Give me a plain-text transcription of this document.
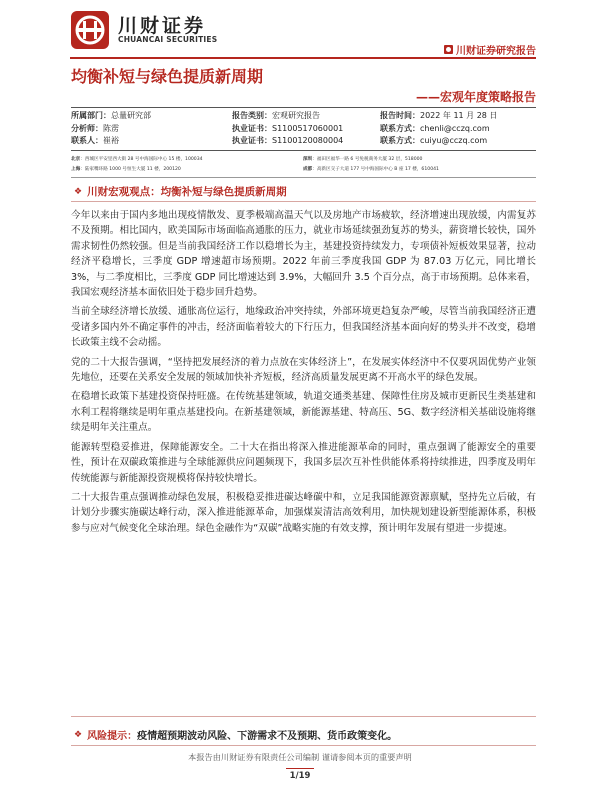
川财证券
CHUANCAI SECURITIES
川财证券研究报告
均衡补短与绿色提质新周期
——宏观年度策略报告
所属部门：总量研究部	报告类别：宏观研究报告	报告时间：2022 年 11 月 28 日
分析师：陈雳	执业证书：S1100517060001	联系方式：chenli@cczq.com
联系人：崔裕	执业证书：S1100120080004	联系方式：cuiyu@cczq.com
北京：西城区平安里西大街 28 号中海国际中心 15 楼，100034	深圳：福田区福华一路 6 号免税商务大厦 32 层，518000
上海：陆家嘴环路 1000 号恒生大厦 11 楼，200120	成都：高新区交子大道 177 号中海国际中心 B 座 17 楼，610041
❖ 川财宏观观点：均衡补短与绿色提质新周期

今年以来由于国内多地出现疫情散发、夏季极端高温天气以及房地产市场疲软，经济增速出现放缓，内需复苏不及预期。相比国内，欧美国际市场面临高通胀的压力，就业市场延续强劲复苏的势头，薪资增长较快，国外需求韧性仍然较强。但是当前我国经济工作以稳增长为主，基建投资持续发力，专项债补短板效果显著，拉动经济平稳增长，三季度 GDP 增速超市场预期。2022 年前三季度我国 GDP 为 87.03 万亿元，同比增长 3%，与二季度相比，三季度 GDP 同比增速达到 3.9%，大幅回升 3.5 个百分点，高于市场预期。总体来看，我国宏观经济基本面依旧处于稳步回升趋势。

当前全球经济增长放缓、通胀高位运行，地缘政治冲突持续，外部环境更趋复杂严峻，尽管当前我国经济正遭受诸多国内外不确定事件的冲击，经济面临着较大的下行压力，但我国经济基本面向好的势头并不改变，稳增长政策主线不会动摇。

党的二十大报告强调，“坚持把发展经济的着力点放在实体经济上”，在发展实体经济中不仅要巩固优势产业领先地位，还要在关系安全发展的领域加快补齐短板，经济高质量发展更离不开高水平的绿色发展。

在稳增长政策下基建投资保持旺盛。在传统基建领域，轨道交通类基建、保障性住房及城市更新民生类基建和水利工程将继续是明年重点基建投向。在新基建领域，新能源基建、特高压、5G、数字经济相关基础设施将继续是明年关注重点。

能源转型稳妥推进，保障能源安全。二十大在指出将深入推进能源革命的同时，重点强调了能源安全的重要性，预计在双碳政策推进与全球能源供应问题频现下，我国多层次互补性供能体系将持续推进，四季度及明年传统能源与新能源投资规模将保持较快增长。

二十大报告重点强调推动绿色发展，积极稳妥推进碳达峰碳中和，立足我国能源资源禀赋，坚持先立后破，有计划分步骤实施碳达峰行动，深入推进能源革命，加强煤炭清洁高效利用，加快规划建设新型能源体系，积极参与应对气候变化全球治理。绿色金融作为“双碳”战略实施的有效支撑，预计明年发展有望进一步提速。

❖ 风险提示： 疫情超预期波动风险、下游需求不及预期、货币政策变化。
本报告由川财证券有限责任公司编制 谨请参阅本页的重要声明
1/19
